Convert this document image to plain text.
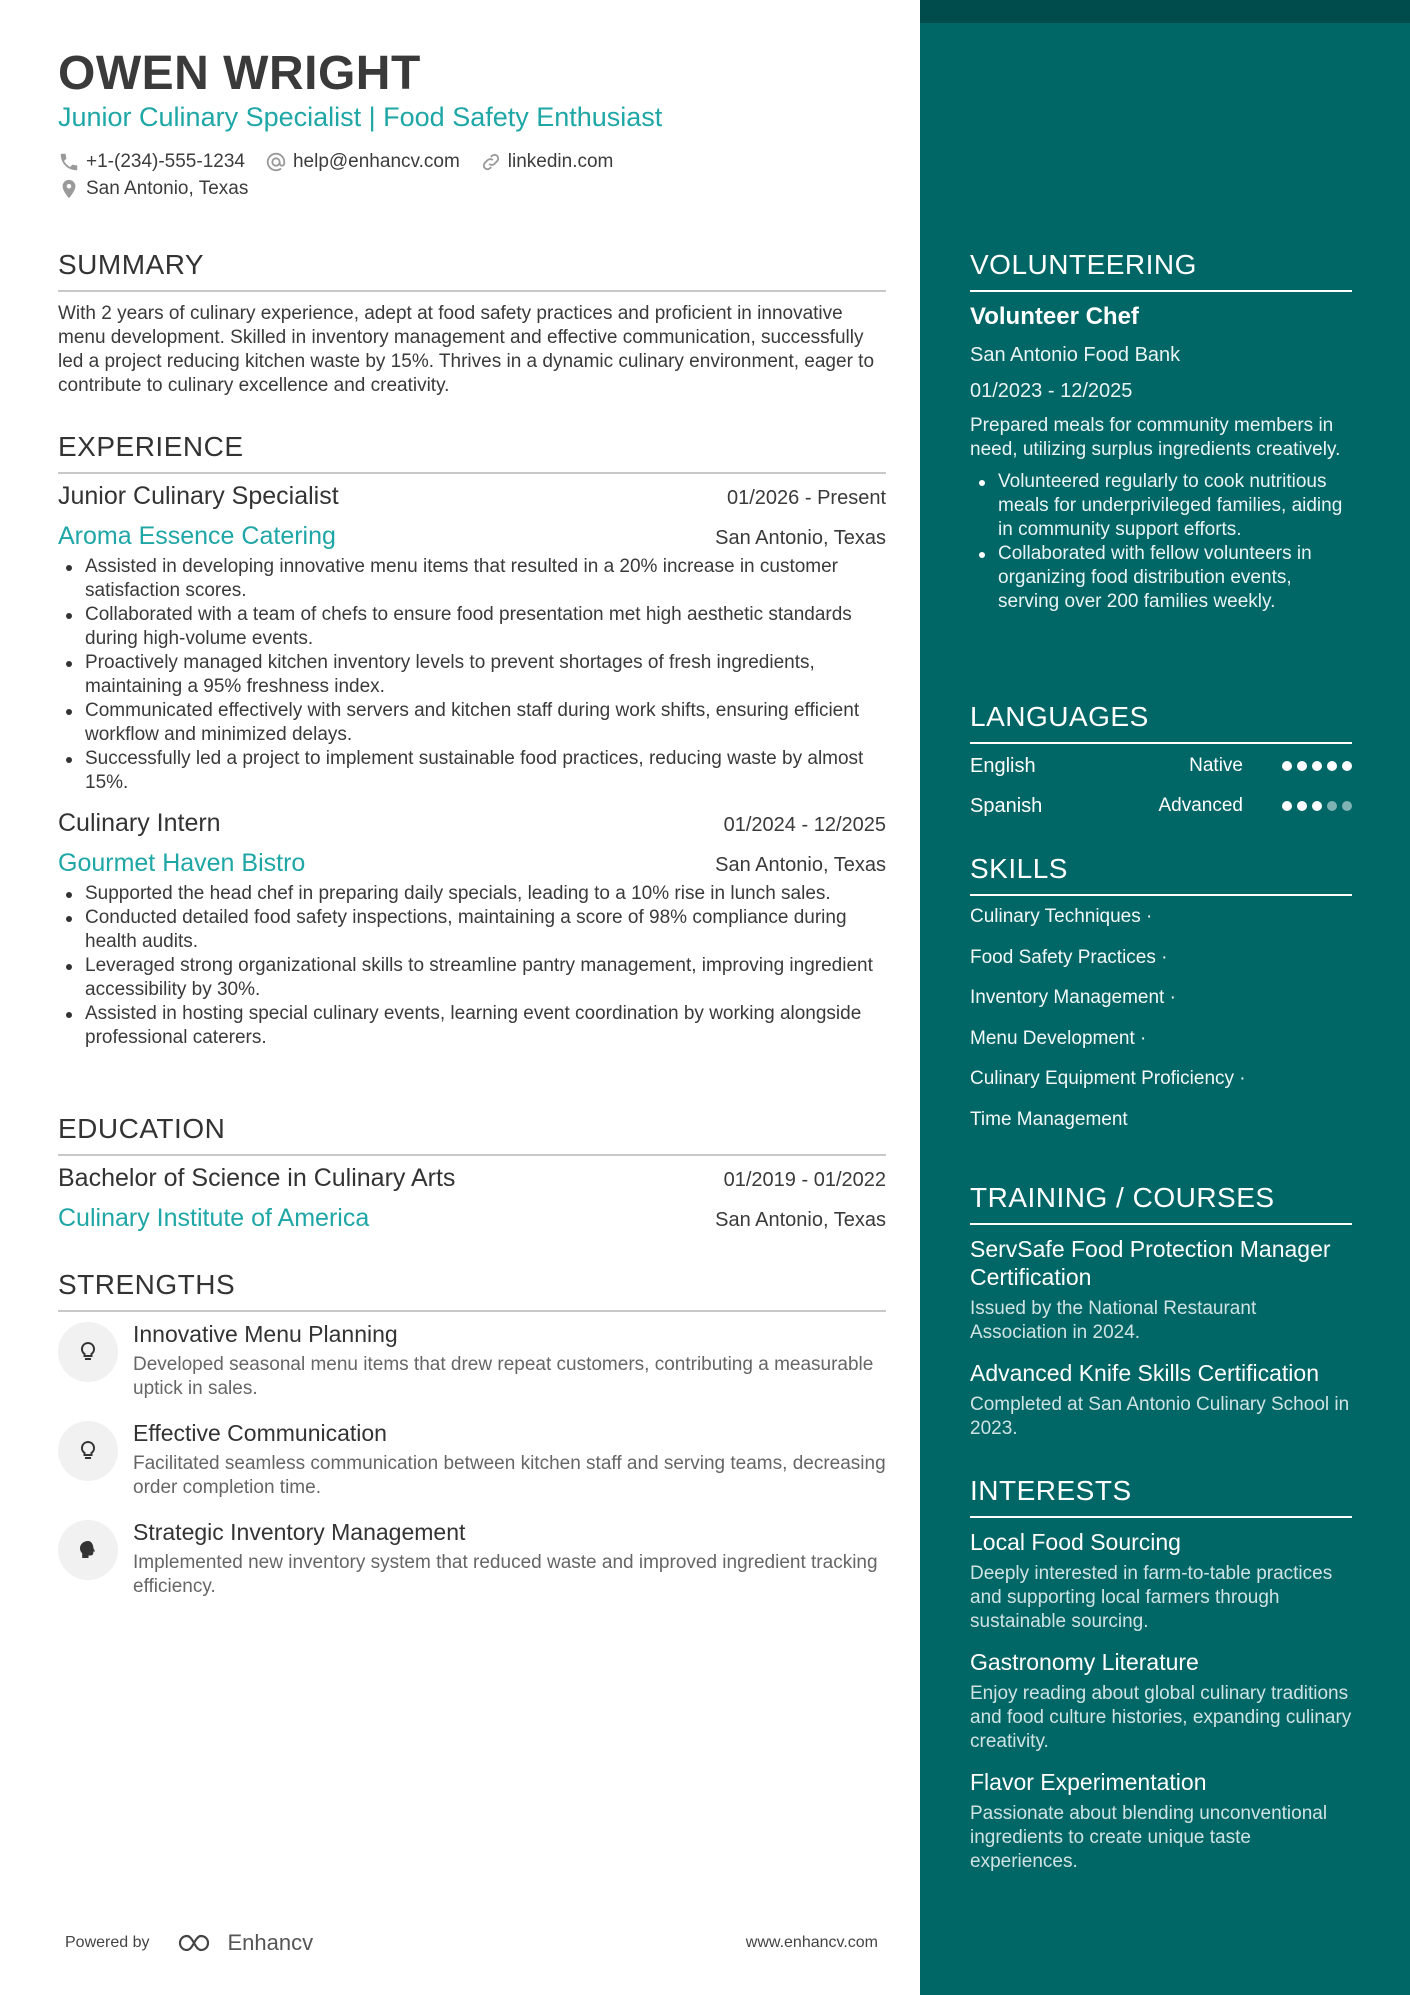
OWEN WRIGHT
Junior Culinary Specialist | Food Safety Enthusiast
+1-(234)-555-1234	help@enhancv.com	linkedin.com
San Antonio, Texas
SUMMARY
With 2 years of culinary experience, adept at food safety practices and proficient in innovative menu development. Skilled in inventory management and effective communication, successfully led a project reducing kitchen waste by 15%. Thrives in a dynamic culinary environment, eager to contribute to culinary excellence and creativity.
EXPERIENCE
Junior Culinary Specialist	01/2026 - Present
Aroma Essence Catering	San Antonio, Texas
Assisted in developing innovative menu items that resulted in a 20% increase in customer satisfaction scores.
Collaborated with a team of chefs to ensure food presentation met high aesthetic standards during high-volume events.
Proactively managed kitchen inventory levels to prevent shortages of fresh ingredients, maintaining a 95% freshness index.
Communicated effectively with servers and kitchen staff during work shifts, ensuring efficient workflow and minimized delays.
Successfully led a project to implement sustainable food practices, reducing waste by almost 15%.
Culinary Intern	01/2024 - 12/2025
Gourmet Haven Bistro	San Antonio, Texas
Supported the head chef in preparing daily specials, leading to a 10% rise in lunch sales.
Conducted detailed food safety inspections, maintaining a score of 98% compliance during health audits.
Leveraged strong organizational skills to streamline pantry management, improving ingredient accessibility by 30%.
Assisted in hosting special culinary events, learning event coordination by working alongside professional caterers.
EDUCATION
Bachelor of Science in Culinary Arts	01/2019 - 01/2022
Culinary Institute of America	San Antonio, Texas
STRENGTHS
Innovative Menu Planning
Developed seasonal menu items that drew repeat customers, contributing a measurable uptick in sales.
Effective Communication
Facilitated seamless communication between kitchen staff and serving teams, decreasing order completion time.
Strategic Inventory Management
Implemented new inventory system that reduced waste and improved ingredient tracking efficiency.
Powered by	Enhancv	www.enhancv.com
VOLUNTEERING
Volunteer Chef
San Antonio Food Bank
01/2023 - 12/2025
Prepared meals for community members in need, utilizing surplus ingredients creatively.
Volunteered regularly to cook nutritious meals for underprivileged families, aiding in community support efforts.
Collaborated with fellow volunteers in organizing food distribution events, serving over 200 families weekly.
LANGUAGES
English	Native
Spanish	Advanced
SKILLS
Culinary Techniques ·
Food Safety Practices ·
Inventory Management ·
Menu Development ·
Culinary Equipment Proficiency ·
Time Management
TRAINING / COURSES
ServSafe Food Protection Manager Certification
Issued by the National Restaurant Association in 2024.
Advanced Knife Skills Certification
Completed at San Antonio Culinary School in 2023.
INTERESTS
Local Food Sourcing
Deeply interested in farm-to-table practices and supporting local farmers through sustainable sourcing.
Gastronomy Literature
Enjoy reading about global culinary traditions and food culture histories, expanding culinary creativity.
Flavor Experimentation
Passionate about blending unconventional ingredients to create unique taste experiences.
